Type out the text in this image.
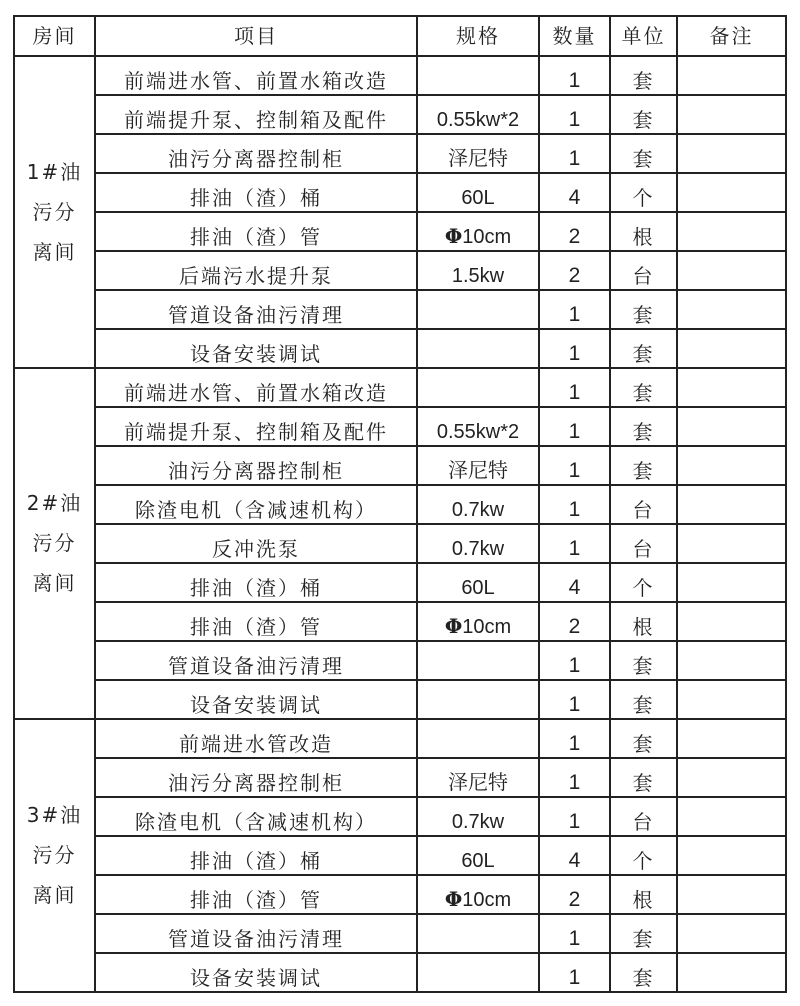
房间	项目	规格	数量	单位	备注

1#油
污分
离间	前端进水管、前置水箱改造		1	套	
	前端提升泵、控制箱及配件	0.55kw*2	1	套	
	油污分离器控制柜	泽尼特	1	套	
	排油（渣）桶	60L	4	个	
	排油（渣）管	Φ10cm	2	根	
	后端污水提升泵	1.5kw	2	台	
	管道设备油污清理		1	套	
	设备安装调试		1	套	

2#油
污分
离间	前端进水管、前置水箱改造		1	套	
	前端提升泵、控制箱及配件	0.55kw*2	1	套	
	油污分离器控制柜	泽尼特	1	套	
	除渣电机（含减速机构）	0.7kw	1	台	
	反冲洗泵	0.7kw	1	台	
	排油（渣）桶	60L	4	个	
	排油（渣）管	Φ10cm	2	根	
	管道设备油污清理		1	套	
	设备安装调试		1	套	

3#油
污分
离间	前端进水管改造		1	套	
	油污分离器控制柜	泽尼特	1	套	
	除渣电机（含减速机构）	0.7kw	1	台	
	排油（渣）桶	60L	4	个	
	排油（渣）管	Φ10cm	2	根	
	管道设备油污清理		1	套	
	设备安装调试		1	套	
